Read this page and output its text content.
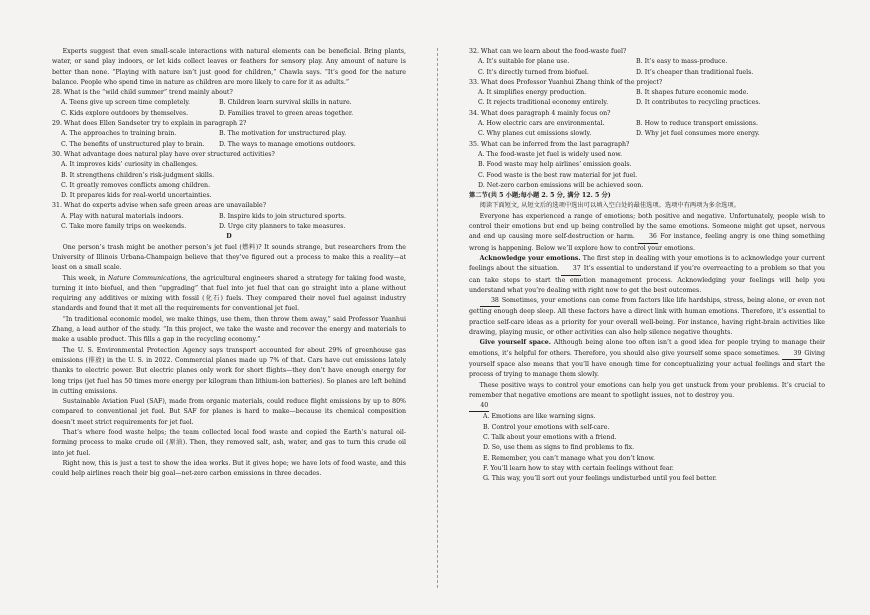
Experts suggest that even small-scale interactions with natural elements can be beneficial. Bring plants, water, or sand play indoors, or let kids collect leaves or feathers for sensory play. Any amount of nature is better than none. “Playing with nature isn’t just good for children,” Chawla says. “It’s good for the nature balance. People who spend time in nature as children are more likely to care for it as adults.”

28. What is the “wild child summer” trend mainly about?

A. Teens give up screen time completely.	B. Children learn survival skills in nature.
C. Kids explore outdoors by themselves.	D. Families travel to green areas together.

29. What does Ellen Sandseter try to explain in paragraph 2?

A. The approaches to training brain.	B. The motivation for unstructured play.
C. The benefits of unstructured play to brain.	D. The ways to manage emotions outdoors.

30. What advantage does natural play have over structured activities?

A. It improves kids’ curiosity in challenges.
B. It strengthens children’s risk-judgment skills.
C. It greatly removes conflicts among children.
D. It prepares kids for real-world uncertainties.

31. What do experts advise when safe green areas are unavailable?

A. Play with natural materials indoors.	B. Inspire kids to join structured sports.
C. Take more family trips on weekends.	D. Urge city planners to take measures.

D

One person’s trash might be another person’s jet fuel (燃料)? It sounds strange, but researchers from the University of Illinois Urbana-Champaign believe that they’ve figured out a process to make this a reality—at least on a small scale.

This week, in Nature Communications, the agricultural engineers shared a strategy for taking food waste, turning it into biofuel, and then “upgrading” that fuel into jet fuel that can go straight into a plane without requiring any additives or mixing with fossil (化石) fuels. They compared their novel fuel against industry standards and found that it met all the requirements for conventional jet fuel.

“In traditional economic model, we make things, use them, then throw them away,” said Professor Yuanhui Zhang, a lead author of the study. “In this project, we take the waste and recover the energy and materials to make a usable product. This fills a gap in the recycling economy.”

The U. S. Environmental Protection Agency says transport accounted for about 29% of greenhouse gas emissions (排放) in the U. S. in 2022. Commercial planes made up 7% of that. Cars have cut emissions lately thanks to electric power. But electric planes only work for short flights—they don’t have enough energy for long trips (jet fuel has 50 times more energy per kilogram than lithium-ion batteries). So planes are left behind in cutting emissions.

Sustainable Aviation Fuel (SAF), made from organic materials, could reduce flight emissions by up to 80% compared to conventional jet fuel. But SAF for planes is hard to make—because its chemical composition doesn’t meet strict requirements for jet fuel.

That’s where food waste helps; the team collected local food waste and copied the Earth’s natural oil-forming process to make crude oil (原油). Then, they removed salt, ash, water, and gas to turn this crude oil into jet fuel.

Right now, this is just a test to show the idea works. But it gives hope; we have lots of food waste, and this could help airlines reach their big goal—net-zero carbon emissions in three decades.

32. What can we learn about the food-waste fuel?

A. It’s suitable for plane use.	B. It’s easy to mass-produce.
C. It’s directly turned from biofuel.	D. It’s cheaper than traditional fuels.

33. What does Professor Yuanhui Zhang think of the project?

A. It simplifies energy production.	B. It shapes future economic mode.
C. It rejects traditional economy entirely.	D. It contributes to recycling practices.

34. What does paragraph 4 mainly focus on?

A. How electric cars are environmental.	B. How to reduce transport emissions.
C. Why planes cut emissions slowly.	D. Why jet fuel consumes more energy.

35. What can be inferred from the last paragraph?

A. The food-waste jet fuel is widely used now.
B. Food waste may help airlines’ emission goals.
C. Food waste is the best raw material for jet fuel.
D. Net-zero carbon emissions will be achieved soon.

第二节(共 5 小题;每小题 2. 5 分, 满分 12. 5 分)

阅读下面短文, 从短文后的选项中选出可以填入空白处的最佳选项。选项中有两项为多余选项。

Everyone has experienced a range of emotions; both positive and negative. Unfortunately, people wish to control their emotions but end up being controlled by the same emotions. Someone might get upset, nervous and end up causing more self-destruction or harm. 36 For instance, feeling angry is one thing something wrong is happening. Below we’ll explore how to control your emotions.

Acknowledge your emotions. The first step in dealing with your emotions is to acknowledge your current feelings about the situation. 37 It’s essential to understand if you’re overreacting to a problem so that you can take steps to start the emotion management process. Acknowledging your feelings will help you understand what you’re dealing with right now to get the best outcomes.

38 Sometimes, your emotions can come from factors like life hardships, stress, being alone, or even not getting enough deep sleep. All these factors have a direct link with human emotions. Therefore, it’s essential to practice self-care ideas as a priority for your overall well-being. For instance, having right-brain activities like drawing, playing music, or other activities can also help silence negative thoughts.

Give yourself space. Although being alone too often isn’t a good idea for people trying to manage their emotions, it’s helpful for others. Therefore, you should also give yourself some space sometimes. 39 Giving yourself space also means that you’ll have enough time for conceptualizing your actual feelings and start the process of trying to manage them slowly.

These positive ways to control your emotions can help you get unstuck from your problems. It’s crucial to remember that negative emotions are meant to spotlight issues, not to destroy you.
40

A. Emotions are like warning signs.

B. Control your emotions with self-care.

C. Talk about your emotions with a friend.

D. So, use them as signs to find problems to fix.

E. Remember, you can’t manage what you don’t know.

F. You’ll learn how to stay with certain feelings without fear.

G. This way, you’ll sort out your feelings undisturbed until you feel better.
